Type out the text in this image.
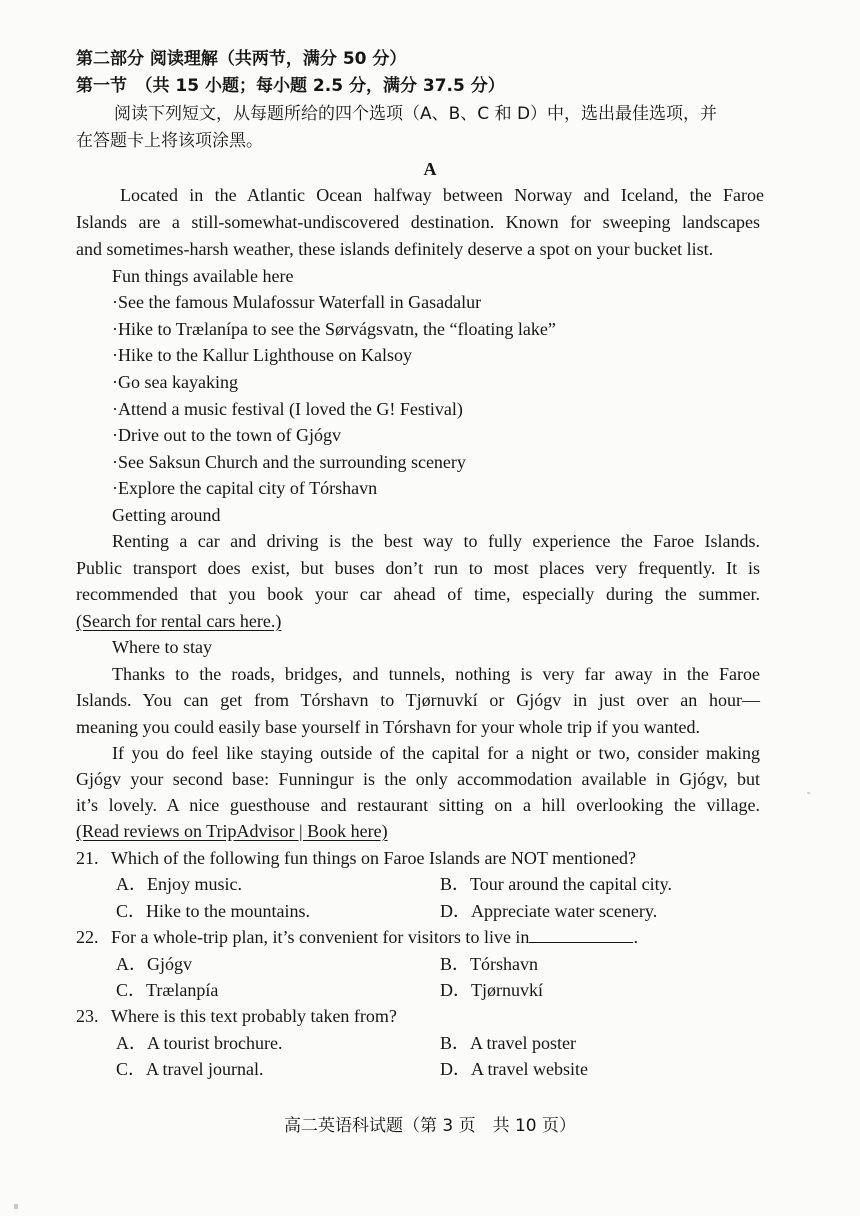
第二部分 阅读理解（共两节，满分 50 分）
第一节　（共 15 小题；每小题 2.5 分，满分 37.5 分）
阅读下列短文，从每题所给的四个选项（A、B、C 和 D）中，选出最佳选项，并
在答题卡上将该项涂黑。
A
Located in the Atlantic Ocean halfway between Norway and Iceland, the Faroe
Islands are a still-somewhat-undiscovered destination. Known for sweeping landscapes
and sometimes-harsh weather, these islands definitely deserve a spot on your bucket list.
Fun things available here
·See the famous Mulafossur Waterfall in Gasadalur
·Hike to Trælanípa to see the Sørvágsvatn, the “floating lake”
·Hike to the Kallur Lighthouse on Kalsoy
·Go sea kayaking
·Attend a music festival (I loved the G! Festival)
·Drive out to the town of Gjógv
·See Saksun Church and the surrounding scenery
·Explore the capital city of Tórshavn
Getting around
Renting a car and driving is the best way to fully experience the Faroe Islands.
Public transport does exist, but buses don’t run to most places very frequently. It is
recommended that you book your car ahead of time, especially during the summer.
(Search for rental cars here.)
Where to stay
Thanks to the roads, bridges, and tunnels, nothing is very far away in the Faroe
Islands. You can get from Tórshavn to Tjørnuvkí or Gjógv in just over an hour—
meaning you could easily base yourself in Tórshavn for your whole trip if you wanted.
If you do feel like staying outside of the capital for a night or two, consider making
Gjógv your second base: Funningur is the only accommodation available in Gjógv, but
it’s lovely. A nice guesthouse and restaurant sitting on a hill overlooking the village.
(Read reviews on TripAdvisor | Book here)
21. Which of the following fun things on Faroe Islands are NOT mentioned?
A．Enjoy music.	B．Tour around the capital city.
C．Hike to the mountains.	D．Appreciate water scenery.
22. For a whole-trip plan, it’s convenient for visitors to live in	.
A．Gjógv	B．Tórshavn
C．Trælanpía	D．Tjørnuvkí
23. Where is this text probably taken from?
A．A tourist brochure.	B．A travel poster
C．A travel journal.	D．A travel website
高二英语科试题（第 3 页　共 10 页）
